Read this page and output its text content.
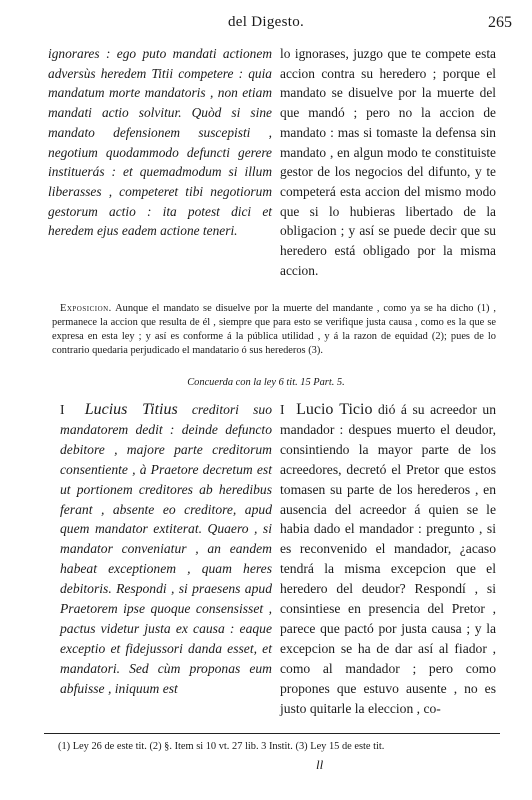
del Digesto.	265

ignorares : ego puto mandati actionem adversùs heredem Titii competere : quia mandatum morte mandatoris , non etiam mandati actio solvitur. Quòd si sine mandato defensionem suscepisti , negotium quodammodo defuncti gerere instituerás : et quemadmodum si illum liberasses , competeret tibi negotiorum gestorum actio : ita potest dici et heredem ejus eadem actione teneri.

lo ignorases, juzgo que te compete esta accion contra su heredero ; porque el mandato se disuelve por la muerte del que mandó ; pero no la accion de mandato : mas si tomaste la defensa sin mandato , en algun modo te constituiste gestor de los negocios del difunto, y te competerá esta accion del mismo modo que si lo hubieras libertado de la obligacion ; y así se puede decir que su heredero está obligado por la misma accion.

Exposicion. Aunque el mandato se disuelve por la muerte del mandante , como ya se ha dicho (1) , permanece la accion que resulta de él , siempre que para esto se verifique justa causa , como es la que se expresa en esta ley ; y así es conforme á la pública utilidad , y á la razon de equidad (2); pues de lo contrario quedaria perjudicado el mandatario ó sus herederos (3).
Concuerda con la ley 6 tit. 15 Part. 5.

I Lucius Titius creditori suo mandatorem dedit : deinde defuncto debitore , majore parte creditorum consentiente , à Praetore decretum est ut portionem creditores ab heredibus ferant , absente eo creditore, apud quem mandator extiterat. Quaero , si mandator conveniatur , an eandem habeat exceptionem , quam heres debitoris. Respondi , si praesens apud Praetorem ipse quoque consensisset , pactus videtur justa ex causa : eaque exceptio et fidejussori danda esset, et mandatori. Sed cùm proponas eum abfuisse , iniquum est

I Lucio Ticio dió á su acreedor un mandador : despues muerto el deudor, consintiendo la mayor parte de los acreedores, decretó el Pretor que estos tomasen su parte de los herederos , en ausencia del acreedor á quien se le habia dado el mandador : pregunto , si es reconvenido el mandador, ¿acaso tendrá la misma excepcion que el heredero del deudor? Respondí , si consintiese en presencia del Pretor , parece que pactó por justa causa ; y la excepcion se ha de dar así al fiador , como al mandador ; pero como propones que estuvo ausente , no es justo quitarle la eleccion , co-

(1) Ley 26 de este tit. (2) §. Item si 10 vt. 27 lib. 3 Instit. (3) Ley 15 de este tit.
ll
